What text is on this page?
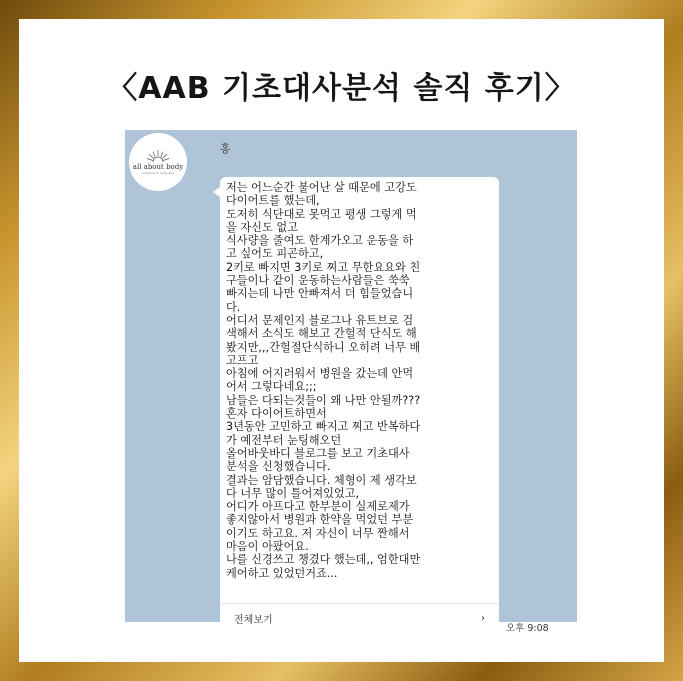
〈AAB 기초대사분석 솔직 후기〉
all about body
nutrition & body diet
홍
저는 어느순간 불어난 살 때문에 고강도
다이어트를 했는데,
도저히 식단대로 못먹고 평생 그렇게 먹
을 자신도 없고
식사량을 줄여도 한계가오고 운동을 하
고 싶어도 피곤하고,
2키로 빠지면 3키로 찌고 무한요요와 친
구들이나 같이 운동하는사람들은 쑥쑥
빠지는데 나만 안빠져서 더 힘들었습니
다.
어디서 문제인지 블로그나 유트브로 검
색해서 소식도 해보고 간헐적 단식도 해
봤지만,,,간헐절단식하니 오히려 너무 배
고프고
아침에 어지러워서 병원을 갔는데 안먹
어서 그렇다네요;;;
남들은 다되는것들이 왜 나만 안될까???
혼자 다이어트하면서
3년동안 고민하고 빠지고 찌고 반복하다
가 예전부터 눈팅해오던
올어바웃바디 블로그를 보고 기초대사
분석을 신청했습니다.
결과는 암담했습니다. 체형이 제 생각보
다 너무 많이 틀어져있었고,
어디가 아프다고 한부분이 실제로제가
좋지않아서 병원과 한약을 먹었던 부분
이기도 하고요. 저 자신이 너무 짠해서
마음이 아팠어요.
나를 신경쓰고 챙겼다 했는데,, 엄한대만
케어하고 있었던거죠...
전체보기	›
오후 9:08
